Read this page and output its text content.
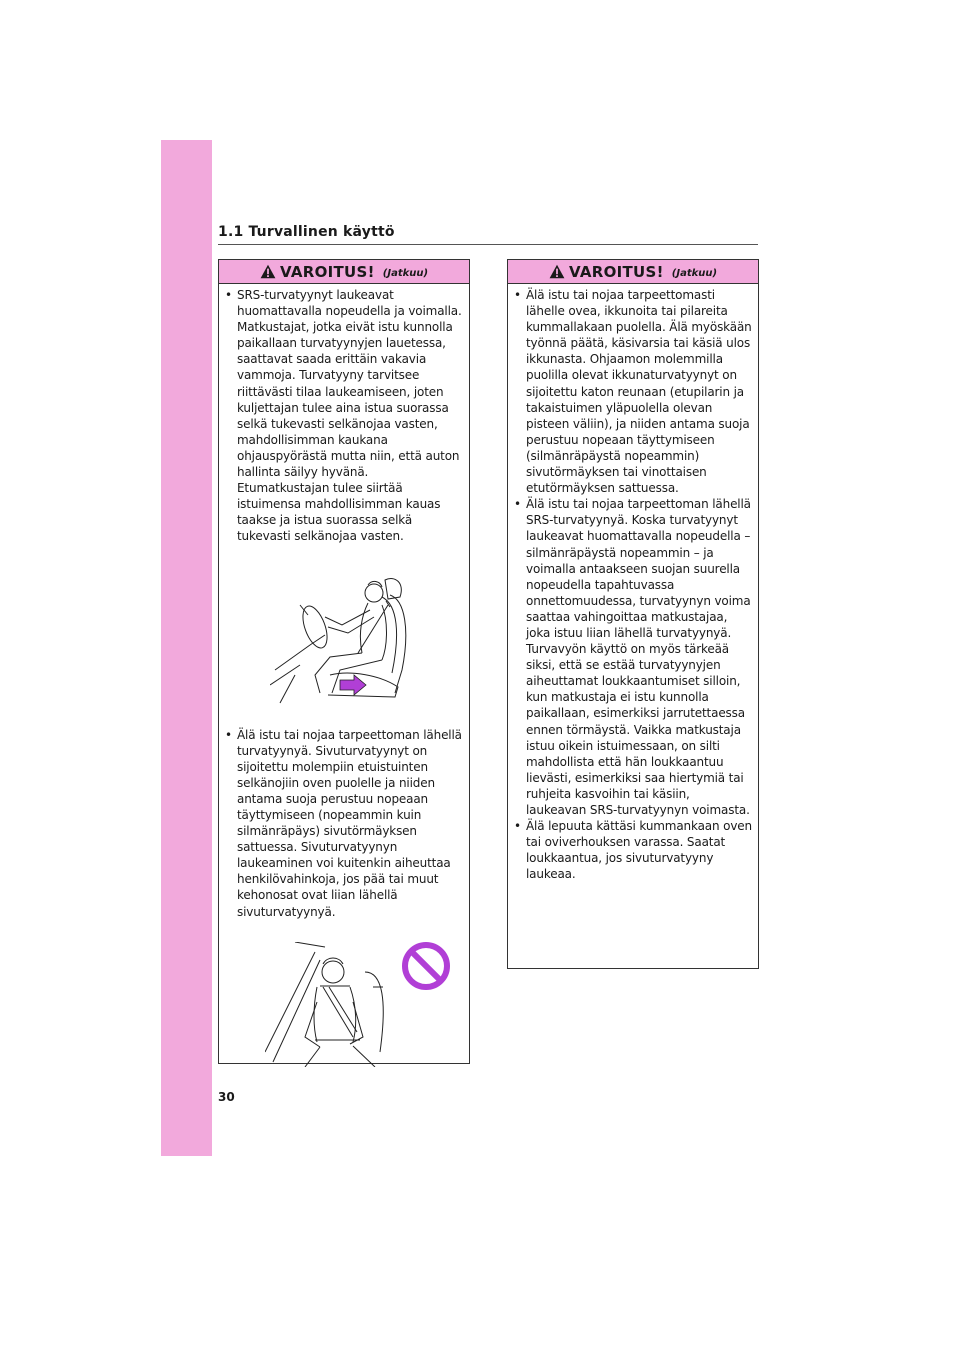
1.1 Turvallinen käyttö
VAROITUS! (Jatkuu)
• SRS-turvatyynyt laukeavat huomattavalla nopeudella ja voimalla. Matkustajat, jotka eivät istu kunnolla paikallaan turvatyynyjen lauetessa, saattavat saada erittäin vakavia vammoja. Turvatyyny tarvitsee riittävästi tilaa laukeamiseen, joten kuljettajan tulee aina istua suorassa selkä tukevasti selkänojaa vasten, mahdollisimman kaukana ohjauspyörästä mutta niin, että auton hallinta säilyy hyvänä. Etumatkustajan tulee siirtää istuimensa mahdollisimman kauas taakse ja istua suorassa selkä tukevasti selkänojaa vasten.
• Älä istu tai nojaa tarpeettoman lähellä turvatyynyä. Sivuturvatyynyt on sijoitettu molempiin etuistuinten selkänojiin oven puolelle ja niiden antama suoja perustuu nopeaan täyttymiseen (nopeammin kuin silmänräpäys) sivutörmäyksen sattuessa. Sivuturvatyynyn laukeaminen voi kuitenkin aiheuttaa henkilövahinkoja, jos pää tai muut kehonosat ovat liian lähellä sivuturvatyynyä.
VAROITUS! (Jatkuu)
• Älä istu tai nojaa tarpeettomasti lähelle ovea, ikkunoita tai pilareita kummallakaan puolella. Älä myöskään työnnä päätä, käsivarsia tai käsiä ulos ikkunasta. Ohjaamon molemmilla puolilla olevat ikkunaturvatyynyt on sijoitettu katon reunaan (etupilarin ja takaistuimen yläpuolella olevan pisteen väliin), ja niiden antama suoja perustuu nopeaan täyttymiseen (silmänräpäystä nopeammin) sivutörmäyksen tai vinottaisen etutörmäyksen sattuessa.
• Älä istu tai nojaa tarpeettoman lähellä SRS-turvatyynyä. Koska turvatyynyt laukeavat huomattavalla nopeudella – silmänräpäystä nopeammin – ja voimalla antaakseen suojan suurella nopeudella tapahtuvassa onnettomuudessa, turvatyynyn voima saattaa vahingoittaa matkustajaa, joka istuu liian lähellä turvatyynyä. Turvavyön käyttö on myös tärkeää siksi, että se estää turvatyynyjen aiheuttamat loukkaantumiset silloin, kun matkustaja ei istu kunnolla paikallaan, esimerkiksi jarrutettaessa ennen törmäystä. Vaikka matkustaja istuu oikein istuimessaan, on silti mahdollista että hän loukkaantuu lievästi, esimerkiksi saa hiertymiä tai ruhjeita kasvoihin tai käsiin, laukeavan SRS-turvatyynyn voimasta.
• Älä lepuuta kättäsi kummankaan oven tai oviverhouksen varassa. Saatat loukkaantua, jos sivuturvatyyny laukeaa.
30
